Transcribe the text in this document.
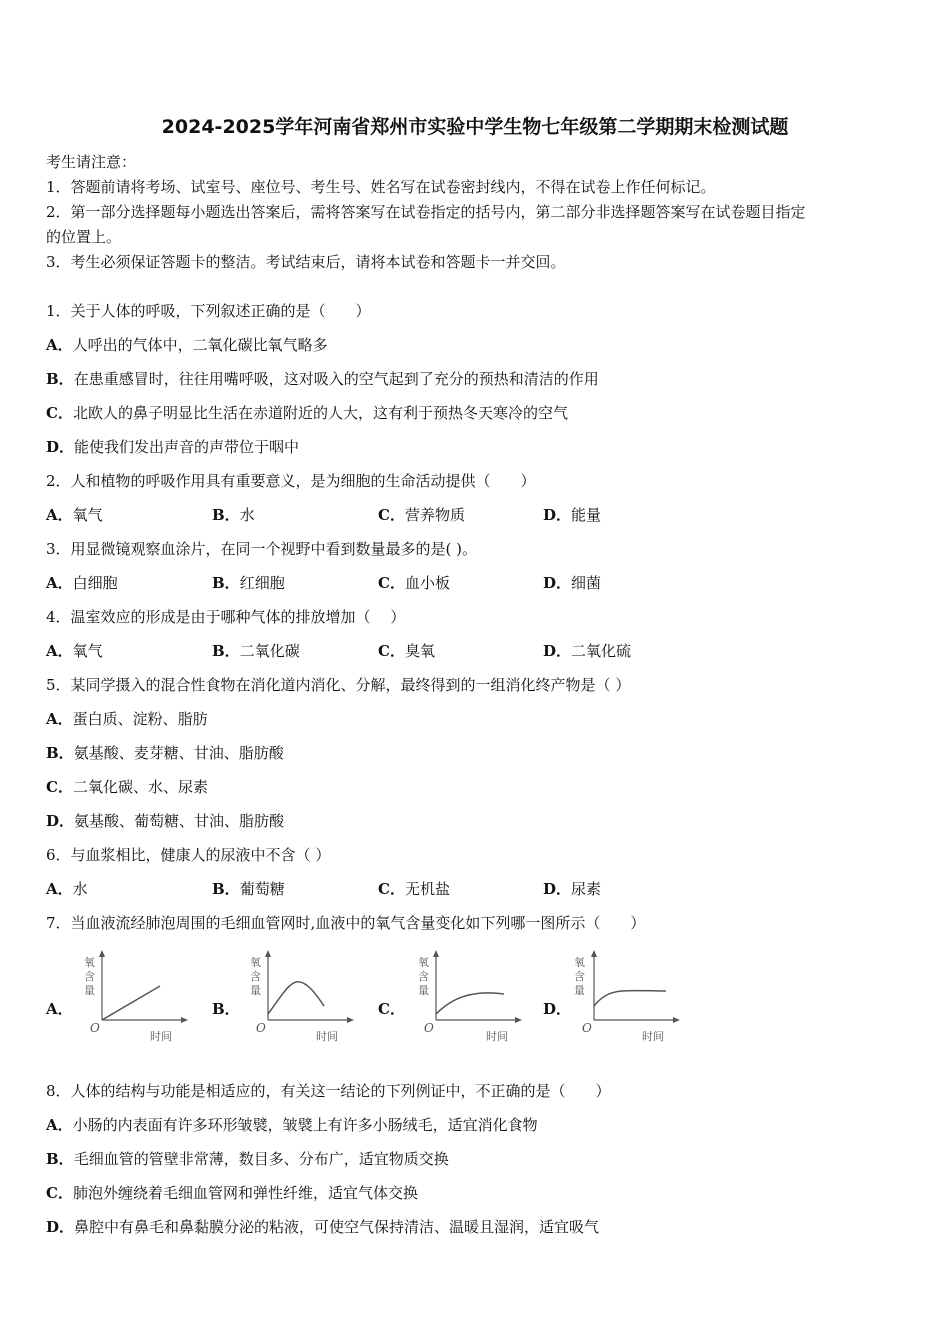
2024-2025学年河南省郑州市实验中学生物七年级第二学期期末检测试题
考生请注意：
1．答题前请将考场、试室号、座位号、考生号、姓名写在试卷密封线内，不得在试卷上作任何标记。
2．第一部分选择题每小题选出答案后，需将答案写在试卷指定的括号内，第二部分非选择题答案写在试卷题目指定
的位置上。
3．考生必须保证答题卡的整洁。考试结束后，请将本试卷和答题卡一并交回。
1．关于人体的呼吸，下列叙述正确的是（　　）
A．人呼出的气体中，二氧化碳比氧气略多
B．在患重感冒时，往往用嘴呼吸，这对吸入的空气起到了充分的预热和清洁的作用
C．北欧人的鼻子明显比生活在赤道附近的人大，这有利于预热冬天寒冷的空气
D．能使我们发出声音的声带位于咽中
2．人和植物的呼吸作用具有重要意义，是为细胞的生命活动提供（　　）
A．氧气	B．水	C．营养物质	D．能量
3．用显微镜观察血涂片，在同一个视野中看到数量最多的是( )。
A．白细胞	B．红细胞	C．血小板	D．细菌
4．温室效应的形成是由于哪种气体的排放增加（　 ）
A．氧气	B．二氧化碳	C．臭氧	D．二氧化硫
5．某同学摄入的混合性食物在消化道内消化、分解，最终得到的一组消化终产物是（ ）
A．蛋白质、淀粉、脂肪
B．氨基酸、麦芽糖、甘油、脂肪酸
C．二氧化碳、水、尿素
D．氨基酸、葡萄糖、甘油、脂肪酸
6．与血浆相比，健康人的尿液中不含（ ）
A．水	B．葡萄糖	C．无机盐	D．尿素
7．当血液流经肺泡周围的毛细血管网时,血液中的氧气含量变化如下列哪一图所示（　　）
A．
氧
含
量
O
时间
B．
氧
含
量
O
时间
C．
氧
含
量
O
时间
D．
氧
含
量
O
时间
8．人体的结构与功能是相适应的，有关这一结论的下列例证中，不正确的是（　　）
A．小肠的内表面有许多环形皱襞，皱襞上有许多小肠绒毛，适宜消化食物
B．毛细血管的管壁非常薄，数目多、分布广，适宜物质交换
C．肺泡外缠绕着毛细血管网和弹性纤维，适宜气体交换
D．鼻腔中有鼻毛和鼻黏膜分泌的粘液，可使空气保持清洁、温暖且湿润，适宜吸气
